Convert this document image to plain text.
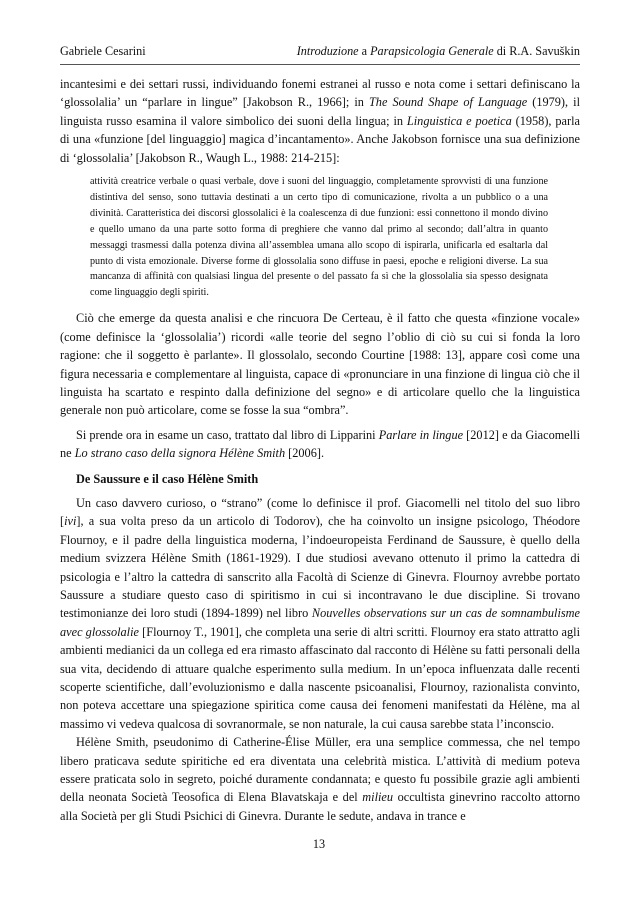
Gabriele Cesarini	Introduzione a Parapsicologia Generale di R.A. Savuškin

incantesimi e dei settari russi, individuando fonemi estranei al russo e nota come i settari definiscano la ‘glossolalia’ un “parlare in lingue” [Jakobson R., 1966]; in The Sound Shape of Language (1979), il linguista russo esamina il valore simbolico dei suoni della lingua; in Linguistica e poetica (1958), parla di una «funzione [del linguaggio] magica d’incantamento». Anche Jakobson fornisce una sua definizione di ‘glossolalia’ [Jakobson R., Waugh L., 1988: 214-215]:

attività creatrice verbale o quasi verbale, dove i suoni del linguaggio, completamente sprovvisti di una funzione distintiva del senso, sono tuttavia destinati a un certo tipo di comunicazione, rivolta a un pubblico o a una divinità. Caratteristica dei discorsi glossolalici è la coalescenza di due funzioni: essi connettono il mondo divino e quello umano da una parte sotto forma di preghiere che vanno dal primo al secondo; dall’altra in quanto messaggi trasmessi dalla potenza divina all’assemblea umana allo scopo di ispirarla, unificarla ed esaltarla dal punto di vista emozionale. Diverse forme di glossolalia sono diffuse in paesi, epoche e religioni diverse. La sua mancanza di affinità con qualsiasi lingua del presente o del passato fa sì che la glossolalia sia spesso designata come linguaggio degli spiriti.

Ciò che emerge da questa analisi e che rincuora De Certeau, è il fatto che questa «finzione vocale» (come definisce la ‘glossolalia’) ricordi «alle teorie del segno l’oblio di ciò su cui si fonda la loro ragione: che il soggetto è parlante». Il glossolalo, secondo Courtine [1988: 13], appare così come una figura necessaria e complementare al linguista, capace di «pronunciare in una finzione di lingua ciò che il linguista ha scartato e respinto dalla definizione del segno» e di articolare quello che la linguistica generale non può articolare, come se fosse la sua “ombra”.

Si prende ora in esame un caso, trattato dal libro di Lipparini Parlare in lingue [2012] e da Giacomelli ne Lo strano caso della signora Hélène Smith [2006].

De Saussure e il caso Hélène Smith

Un caso davvero curioso, o “strano” (come lo definisce il prof. Giacomelli nel titolo del suo libro [ivi], a sua volta preso da un articolo di Todorov), che ha coinvolto un insigne psicologo, Théodore Flournoy, e il padre della linguistica moderna, l’indoeuropeista Ferdinand de Saussure, è quello della medium svizzera Hélène Smith (1861-1929). I due studiosi avevano ottenuto il primo la cattedra di psicologia e l’altro la cattedra di sanscrito alla Facoltà di Scienze di Ginevra. Flournoy avrebbe portato Saussure a studiare questo caso di spiritismo in cui si incontravano le due discipline. Si trovano testimonianze dei loro studi (1894-1899) nel libro Nouvelles observations sur un cas de somnambulisme avec glossolalie [Flournoy T., 1901], che completa una serie di altri scritti. Flournoy era stato attratto agli ambienti medianici da un collega ed era rimasto affascinato dal racconto di Hélène su fatti personali della sua vita, decidendo di attuare qualche esperimento sulla medium. In un’epoca influenzata dalle recenti scoperte scientifiche, dall’evoluzionismo e dalla nascente psicoanalisi, Flournoy, razionalista convinto, non poteva accettare una spiegazione spiritica come causa dei fenomeni manifestati da Hélène, ma al massimo vi vedeva qualcosa di sovranormale, se non naturale, la cui causa sarebbe stata l’inconscio.

Hélène Smith, pseudonimo di Catherine-Élise Müller, era una semplice commessa, che nel tempo libero praticava sedute spiritiche ed era diventata una celebrità mistica. L’attività di medium poteva essere praticata solo in segreto, poiché duramente condannata; e questo fu possibile grazie agli ambienti della neonata Società Teosofica di Elena Blavatskaja e del milieu occultista ginevrino raccolto attorno alla Società per gli Studi Psichici di Ginevra. Durante le sedute, andava in trance e

13
